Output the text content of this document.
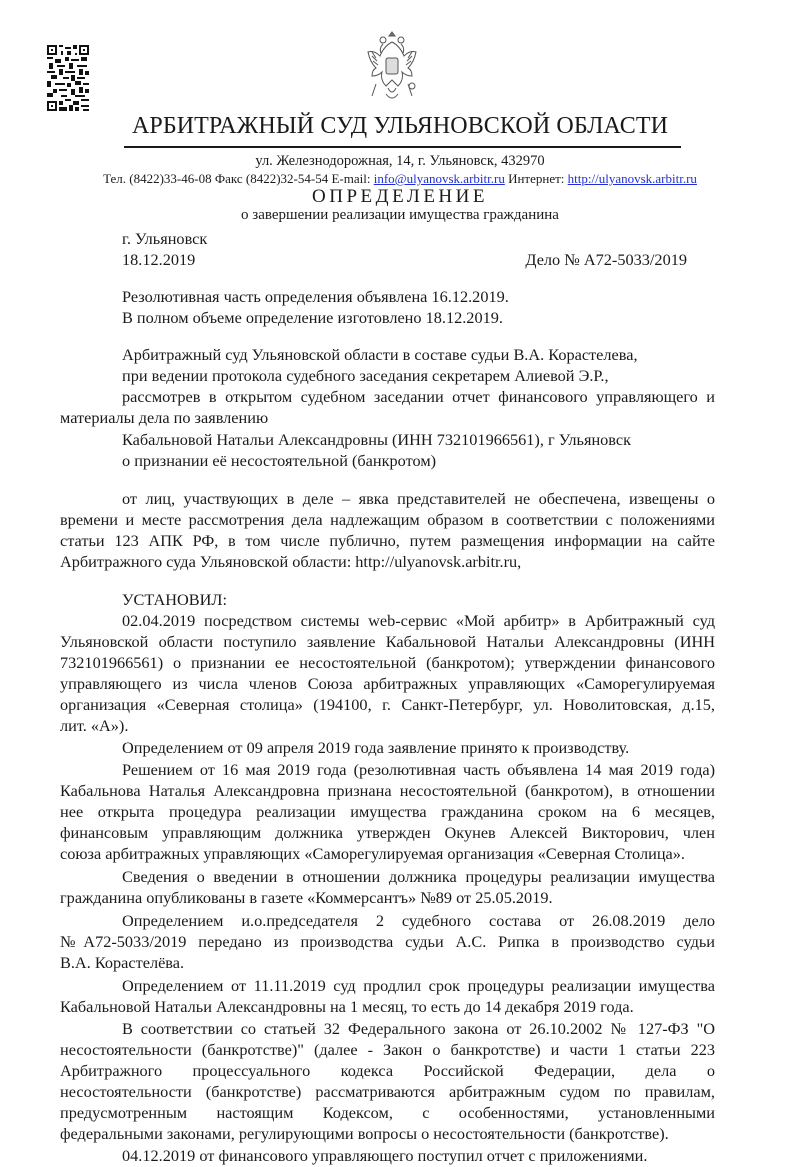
АРБИТРАЖНЫЙ СУД УЛЬЯНОВСКОЙ ОБЛАСТИ
ул. Железнодорожная, 14, г. Ульяновск, 432970
Тел. (8422)33-46-08 Факс (8422)32-54-54 E-mail: info@ulyanovsk.arbitr.ru Интернет: http://ulyanovsk.arbitr.ru
ОПРЕДЕЛЕНИЕ
о завершении реализации имущества гражданина
г. Ульяновск
18.12.2019	Дело № А72-5033/2019
Резолютивная часть определения объявлена 16.12.2019.
В полном объеме определение изготовлено 18.12.2019.
Арбитражный суд Ульяновской области в составе судьи В.А. Корастелева,
при ведении протокола судебного заседания секретарем Алиевой Э.Р.,
рассмотрев в открытом судебном заседании отчет финансового управляющего и
материалы дела по заявлению
Кабальновой Натальи Александровны (ИНН 732101966561), г Ульяновск
о признании её несостоятельной (банкротом)
от лиц, участвующих в деле – явка представителей не обеспечена, извещены о
времени и месте рассмотрения дела надлежащим образом в соответствии с положениями
статьи 123 АПК РФ, в том числе публично, путем размещения информации на сайте
Арбитражного суда Ульяновской области: http://ulyanovsk.arbitr.ru,
УСТАНОВИЛ:
02.04.2019 посредством системы web-сервис «Мой арбитр» в Арбитражный суд
Ульяновской области поступило заявление Кабальновой Натальи Александровны (ИНН
732101966561) о признании ее несостоятельной (банкротом); утверждении финансового
управляющего из числа членов Союза арбитражных управляющих «Саморегулируемая
организация «Северная столица» (194100, г. Санкт-Петербург, ул. Новолитовская, д.15,
лит. «А»).
Определением от 09 апреля 2019 года заявление принято к производству.
Решением от 16 мая 2019 года (резолютивная часть объявлена 14 мая 2019 года)
Кабальнова Наталья Александровна признана несостоятельной (банкротом), в отношении
нее открыта процедура реализации имущества гражданина сроком на 6 месяцев,
финансовым управляющим должника утвержден Окунев Алексей Викторович, член
союза арбитражных управляющих «Саморегулируемая организация «Северная Столица».
Сведения о введении в отношении должника процедуры реализации имущества
гражданина опубликованы в газете «Коммерсантъ» №89 от 25.05.2019.
Определением и.о.председателя 2 судебного состава от 26.08.2019 дело
№А72-5033/2019 передано из производства судьи А.С. Рипка в производство судьи
В.А. Корастелёва.
Определением от 11.11.2019 суд продлил срок процедуры реализации имущества
Кабальновой Натальи Александровны на 1 месяц, то есть до 14 декабря 2019 года.
В соответствии со статьей 32 Федерального закона от 26.10.2002 № 127-ФЗ "О
несостоятельности (банкротстве)" (далее - Закон о банкротстве) и части 1 статьи 223
Арбитражного процессуального кодекса Российской Федерации, дела о
несостоятельности (банкротстве) рассматриваются арбитражным судом по правилам,
предусмотренным настоящим Кодексом, с особенностями, установленными
федеральными законами, регулирующими вопросы о несостоятельности (банкротстве).
04.12.2019 от финансового управляющего поступил отчет с приложениями.
